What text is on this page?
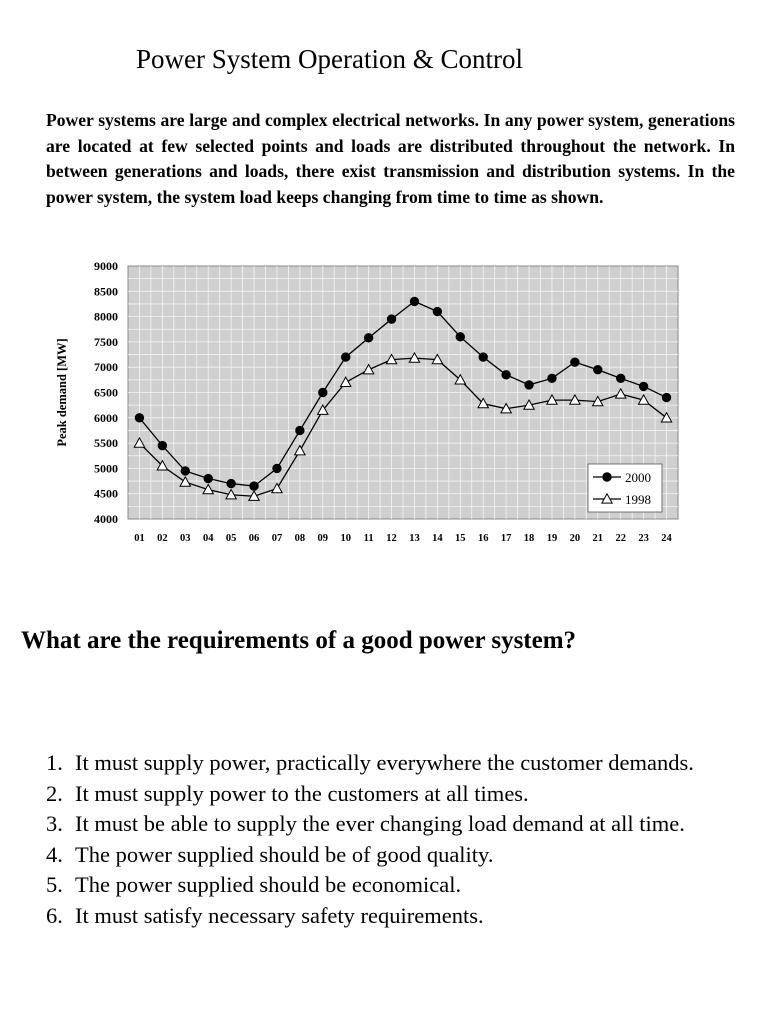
Power System Operation & Control

Power systems are large and complex electrical networks. In any power system, generations are located at few selected points and loads are distributed throughout the network. In between generations and loads, there exist transmission and distribution systems. In the power system, the system load keeps changing from time to time as shown.

4000
4500
5000
5500
6000
6500
7000
7500
8000
8500
9000
01 02 03 04 05 06 07 08 09 10 11 12 13 14 15 16 17 18 19 20 21 22 23 24
Peak demand [MW]
2000
1998
What are the requirements of a good power system?
1. It must supply power, practically everywhere the customer demands.
2. It must supply power to the customers at all times.
3. It must be able to supply the ever changing load demand at all time.
4. The power supplied should be of good quality.
5. The power supplied should be economical.
6. It must satisfy necessary safety requirements.
